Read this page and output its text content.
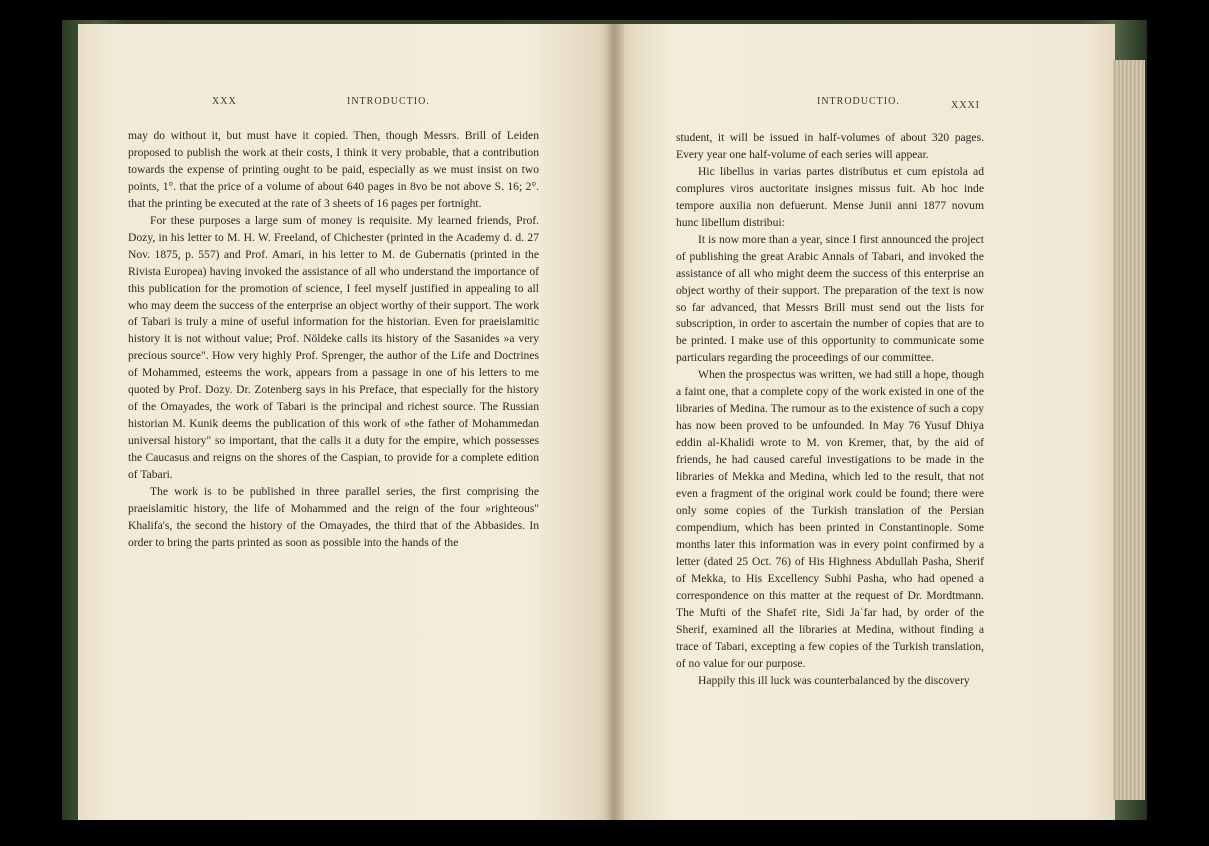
XXX	INTRODUCTIO.	INTRODUCTIO.	XXXI

may do without it, but must have it copied. Then, though Messrs. Brill of Leiden proposed to publish the work at their costs, I think it very probable, that a contribution towards the expense of printing ought to be paid, especially as we must insist on two points, 1°. that the price of a volume of about 640 pages in 8vo be not above S. 16; 2°. that the printing be executed at the rate of 3 sheets of 16 pages per fortnight.

For these purposes a large sum of money is requisite. My learned friends, Prof. Dozy, in his letter to M. H. W. Freeland, of Chichester (printed in the Academy d. d. 27 Nov. 1875, p. 557) and Prof. Amari, in his letter to M. de Gubernatis (printed in the Rivista Europea) having invoked the assistance of all who understand the importance of this publication for the promotion of science, I feel myself justified in appealing to all who may deem the success of the enterprise an object worthy of their support. The work of Tabari is truly a mine of useful information for the historian. Even for praeislamitic history it is not without value; Prof. Nöldeke calls its history of the Sasanides »a very precious source". How very highly Prof. Sprenger, the author of the Life and Doctrines of Mohammed, esteems the work, appears from a passage in one of his letters to me quoted by Prof. Dozy. Dr. Zotenberg says in his Preface, that especially for the history of the Omayades, the work of Tabari is the principal and richest source. The Russian historian M. Kunik deems the publication of this work of »the father of Mohammedan universal history" so important, that the calls it a duty for the empire, which possesses the Caucasus and reigns on the shores of the Caspian, to provide for a complete edition of Tabari.

The work is to be published in three parallel series, the first comprising the praeislamitic history, the life of Mohammed and the reign of the four »righteous" Khalifa's, the second the history of the Omayades, the third that of the Abbasides. In order to bring the parts printed as soon as possible into the hands of the

student, it will be issued in half-volumes of about 320 pages. Every year one half-volume of each series will appear.

Hic libellus in varias partes distributus et cum epistola ad complures viros auctoritate insignes missus fuit. Ab hoc inde tempore auxilia non defuerunt. Mense Junii anni 1877 novum hunc libellum distribui:

It is now more than a year, since I first announced the project of publishing the great Arabic Annals of Tabari, and invoked the assistance of all who might deem the success of this enterprise an object worthy of their support. The preparation of the text is now so far advanced, that Messrs Brill must send out the lists for subscription, in order to ascertain the number of copies that are to be printed. I make use of this opportunity to communicate some particulars regarding the proceedings of our committee.

When the prospectus was written, we had still a hope, though a faint one, that a complete copy of the work existed in one of the libraries of Medina. The rumour as to the existence of such a copy has now been proved to be unfounded. In May 76 Yusuf Dhiya eddin al-Khalidi wrote to M. von Kremer, that, by the aid of friends, he had caused careful investigations to be made in the libraries of Mekka and Medina, which led to the result, that not even a fragment of the original work could be found; there were only some copies of the Turkish translation of the Persian compendium, which has been printed in Constantinople. Some months later this information was in every point confirmed by a letter (dated 25 Oct. 76) of His Highness Abdullah Pasha, Sherif of Mekka, to His Excellency Subhi Pasha, who had opened a correspondence on this matter at the request of Dr. Mordtmann. The Mufti of the Shafeī rite, Sidi Jaʿfar had, by order of the Sherif, examined all the libraries at Medina, without finding a trace of Tabari, excepting a few copies of the Turkish translation, of no value for our purpose.

Happily this ill luck was counterbalanced by the discovery
